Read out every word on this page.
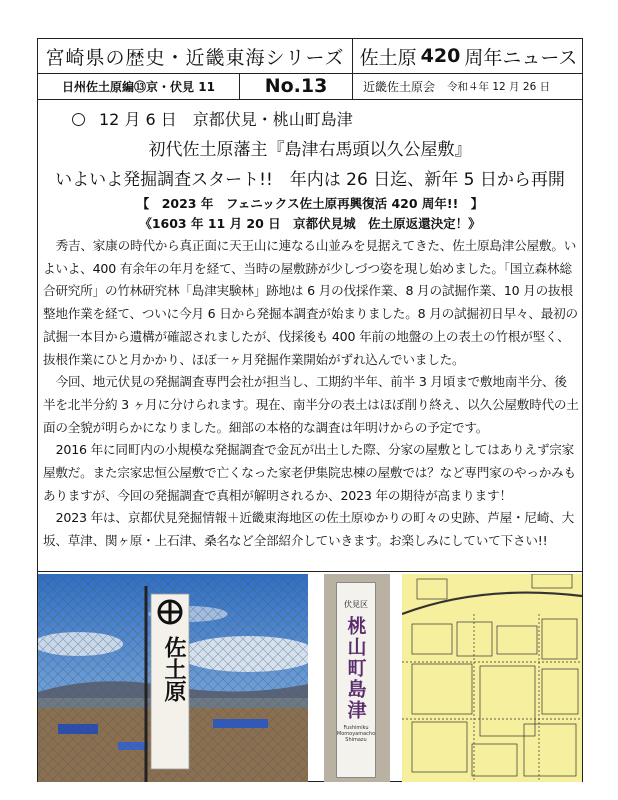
宮崎県の歴史・近畿東海シリーズ 佐土原 420 周年ニュース
日州佐土原編⑬京・伏見 11	No.13	近畿佐土原会 令和４年 12 月 26 日
12 月 6 日　京都伏見・桃山町島津
初代佐土原藩主『島津右馬頭以久公屋敷』
いよいよ発掘調査スタート!!　年内は 26 日迄、新年 5 日から再開
【　2023 年　フェニックス佐土原再興復活 420 周年!!　】
《1603 年 11 月 20 日　京都伏見城　佐土原返還決定！》

秀吉、家康の時代から真正面に天王山に連なる山並みを見据えてきた、佐土原島津公屋敷。いよいよ、400 有余年の年月を経て、当時の屋敷跡が少しづつ姿を現し始めました。「国立森林総合研究所」の竹林研究林「島津実験林」跡地は 6 月の伐採作業、8 月の試掘作業、10 月の抜根整地作業を経て、ついに今月 6 日から発掘本調査が始まりました。8 月の試掘初日早々、最初の試掘一本目から遺構が確認されましたが、伐採後も 400 年前の地盤の上の表土の竹根が堅く、抜根作業にひと月かかり、ほぼ一ヶ月発掘作業開始がずれ込んでいました。

今回、地元伏見の発掘調査専門会社が担当し、工期約半年、前半 3 月頃まで敷地南半分、後半を北半分約 3 ヶ月に分けられます。現在、南半分の表土はほぼ削り終え、以久公屋敷時代の土面の全貌が明らかになりました。細部の本格的な調査は年明けからの予定です。

2016 年に同町内の小規模な発掘調査で金瓦が出土した際、分家の屋敷としてはありえず宗家屋敷だ。また宗家忠恒公屋敷で亡くなった家老伊集院忠棟の屋敷では？など専門家のやっかみもありますが、今回の発掘調査で真相が解明されるか、2023 年の期待が高まります！

2023 年は、京都伏見発掘情報＋近畿東海地区の佐土原ゆかりの町々の史跡、芦屋・尼崎、大坂、草津、関ヶ原・上石津、桑名など全部紹介していきます。お楽しみにしていて下さい!!

佐土原
伏見区
桃山町島津
Fushimiku Momoyamacho Shimazu
